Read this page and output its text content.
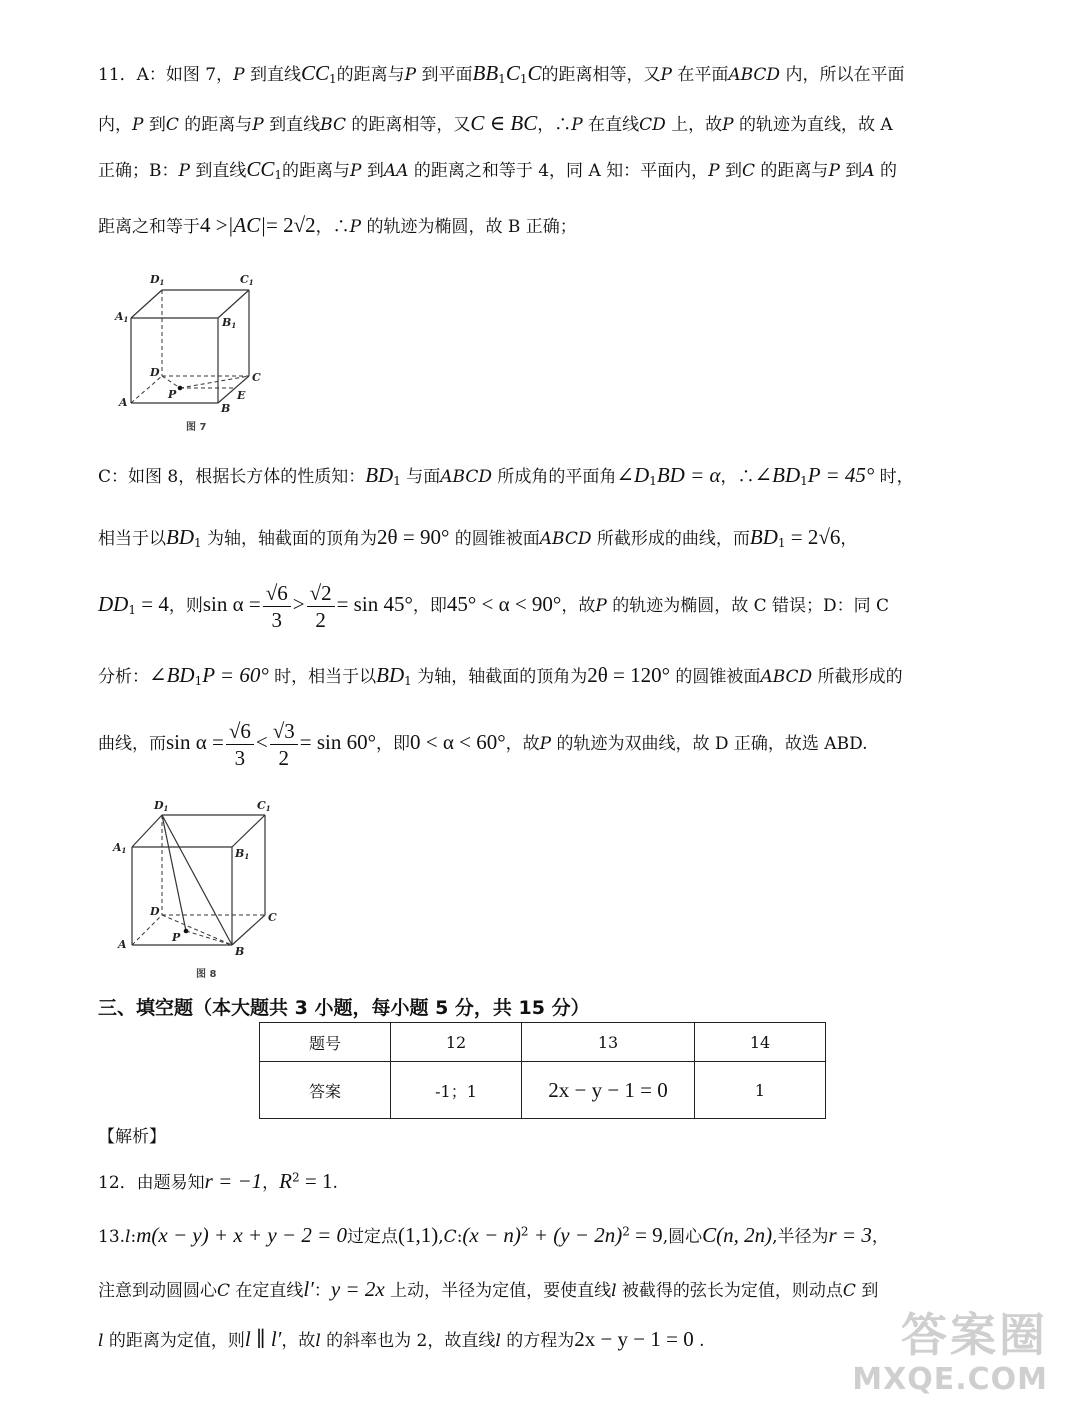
11．A：如图 7，P 到直线$CC_1$的距离与P 到平面$BB_1C_1C$的距离相等，又P 在平面ABCD 内，所以在平面
内，P 到C 的距离与P 到直线BC 的距离相等，又C ∈ BC，∴P 在直线CD 上，故P 的轨迹为直线，故 A
正确；B：P 到直线$CC_1$的距离与P 到AA 的距离之和等于 4，同 A 知：平面内，P 到C 的距离与P 到A 的
距离之和等于4 >|AC|= 2√2，∴P 的轨迹为椭圆，故 B 正确；
D1	C1
A1	B1
D	C
A	B
P	E
图 7
C：如图 8，根据长方体的性质知：$BD_1$ 与面ABCD 所成角的平面角$\angle D_1BD = \alpha$，$\therefore\angle BD_1P = 45^\circ$ 时，
相当于以$BD_1$ 为轴，轴截面的顶角为2θ = 90° 的圆锥被面ABCD 所截形成的曲线，而$BD_1 = 2√6$，
$DD_1 = 4$，则$\sin \alpha = \frac{√6}{3} > \frac{√2}{2} = \sin 45^\circ$，即45° < α < 90°，故P 的轨迹为椭圆，故 C 错误；D：同 C
分析：$\angle BD_1P = 60^\circ$ 时，相当于以$BD_1$ 为轴，轴截面的顶角为2θ = 120° 的圆锥被面ABCD 所截形成的
曲线，而$\sin \alpha = \frac{√6}{3} < \frac{√3}{2} = \sin 60^\circ$，即0 < α < 60°，故P 的轨迹为双曲线，故 D 正确，故选 ABD.
D1	C1
A1	B1
D	C
A
B
P
图 8
三、填空题（本大题共 3 小题，每小题 5 分，共 15 分）
题号	12	13	14
答案	-1；1	2x − y − 1 = 0	1
【解析】
12．由题易知r = −1，$R^2 = 1$.
13.l:m(x − y) + x + y − 2 = 0过定点(1,1),C:(x − $n)^2 + (y - 2n)^2 = 9$,圆心C(n, 2n),半径为r = 3，
注意到动圆圆心C 在定直线l′：y = 2x 上动，半径为定值，要使直线l 被截得的弦长为定值，则动点C 到
l 的距离为定值，则l ∥ l′，故l 的斜率也为 2，故直线l 的方程为2x − y − 1 = 0 .	答案圈
MXQE.COM
